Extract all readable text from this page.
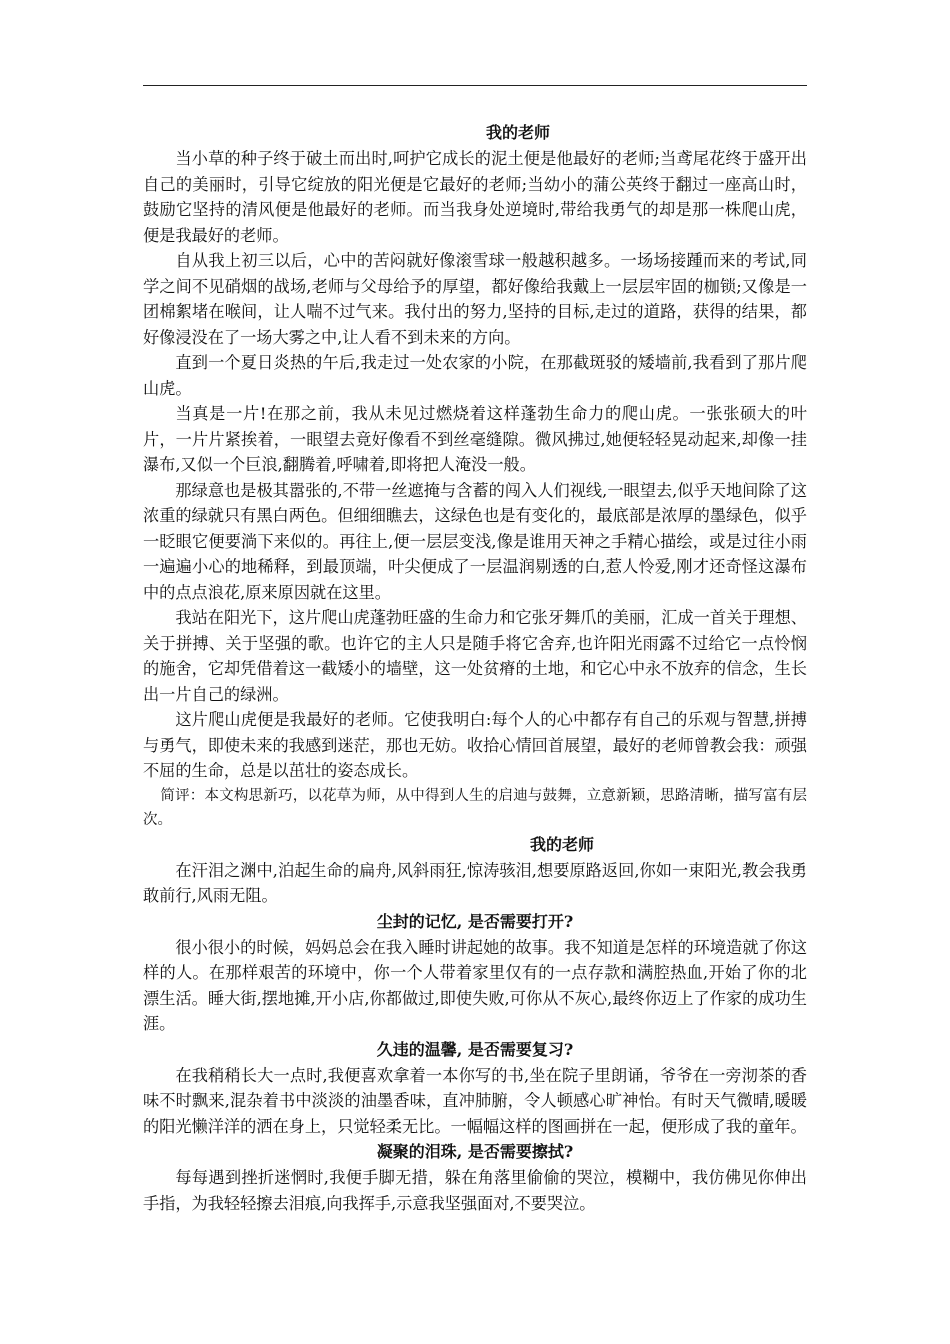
我的老师

当小草的种子终于破土而出时,呵护它成长的泥土便是他最好的老师;当鸢尾花终于盛开出自己的美丽时，引导它绽放的阳光便是它最好的老师;当幼小的蒲公英终于翻过一座高山时，鼓励它坚持的清风便是他最好的老师。而当我身处逆境时,带给我勇气的却是那一株爬山虎，便是我最好的老师。

自从我上初三以后，心中的苦闷就好像滚雪球一般越积越多。一场场接踵而来的考试,同学之间不见硝烟的战场,老师与父母给予的厚望，都好像给我戴上一层层牢固的枷锁;又像是一团棉絮堵在喉间，让人喘不过气来。我付出的努力,坚持的目标,走过的道路，获得的结果，都好像浸没在了一场大雾之中,让人看不到未来的方向。

直到一个夏日炎热的午后,我走过一处农家的小院，在那截斑驳的矮墙前,我看到了那片爬山虎。

当真是一片!在那之前，我从未见过燃烧着这样蓬勃生命力的爬山虎。一张张硕大的叶片，一片片紧挨着，一眼望去竟好像看不到丝毫缝隙。微风拂过,她便轻轻晃动起来,却像一挂瀑布,又似一个巨浪,翻腾着,呼啸着,即将把人淹没一般。

那绿意也是极其嚣张的,不带一丝遮掩与含蓄的闯入人们视线,一眼望去,似乎天地间除了这浓重的绿就只有黑白两色。但细细瞧去，这绿色也是有变化的，最底部是浓厚的墨绿色，似乎一眨眼它便要淌下来似的。再往上,便一层层变浅,像是谁用天神之手精心描绘，或是过往小雨一遍遍小心的地稀释，到最顶端，叶尖便成了一层温润剔透的白,惹人怜爱,刚才还奇怪这瀑布中的点点浪花,原来原因就在这里。

我站在阳光下，这片爬山虎蓬勃旺盛的生命力和它张牙舞爪的美丽，汇成一首关于理想、关于拼搏、关于坚强的歌。也许它的主人只是随手将它舍弃,也许阳光雨露不过给它一点怜悯的施舍，它却凭借着这一截矮小的墙壁，这一处贫瘠的土地，和它心中永不放弃的信念，生长出一片自己的绿洲。

这片爬山虎便是我最好的老师。它使我明白:每个人的心中都存有自己的乐观与智慧,拼搏与勇气，即使未来的我感到迷茫，那也无妨。收拾心情回首展望，最好的老师曾教会我：顽强不屈的生命，总是以茁壮的姿态成长。

简评：本文构思新巧，以花草为师，从中得到人生的启迪与鼓舞，立意新颖，思路清晰，描写富有层次。

我的老师

在汗泪之渊中,泊起生命的扁舟,风斜雨狂,惊涛骇泪,想要原路返回,你如一束阳光,教会我勇敢前行,风雨无阻。

尘封的记忆, 是否需要打开?

很小很小的时候，妈妈总会在我入睡时讲起她的故事。我不知道是怎样的环境造就了你这样的人。在那样艰苦的环境中，你一个人带着家里仅有的一点存款和满腔热血,开始了你的北漂生活。睡大街,摆地摊,开小店,你都做过,即使失败,可你从不灰心,最终你迈上了作家的成功生涯。

久违的温馨, 是否需要复习?

在我稍稍长大一点时,我便喜欢拿着一本你写的书,坐在院子里朗诵，爷爷在一旁沏茶的香味不时飘来,混杂着书中淡淡的油墨香味，直冲肺腑，令人顿感心旷神怡。有时天气微晴,暖暖的阳光懒洋洋的洒在身上，只觉轻柔无比。一幅幅这样的图画拼在一起，便形成了我的童年。

凝聚的泪珠, 是否需要擦拭?

每每遇到挫折迷惘时,我便手脚无措，躲在角落里偷偷的哭泣，模糊中，我仿佛见你伸出手指，为我轻轻擦去泪痕,向我挥手,示意我坚强面对,不要哭泣。
